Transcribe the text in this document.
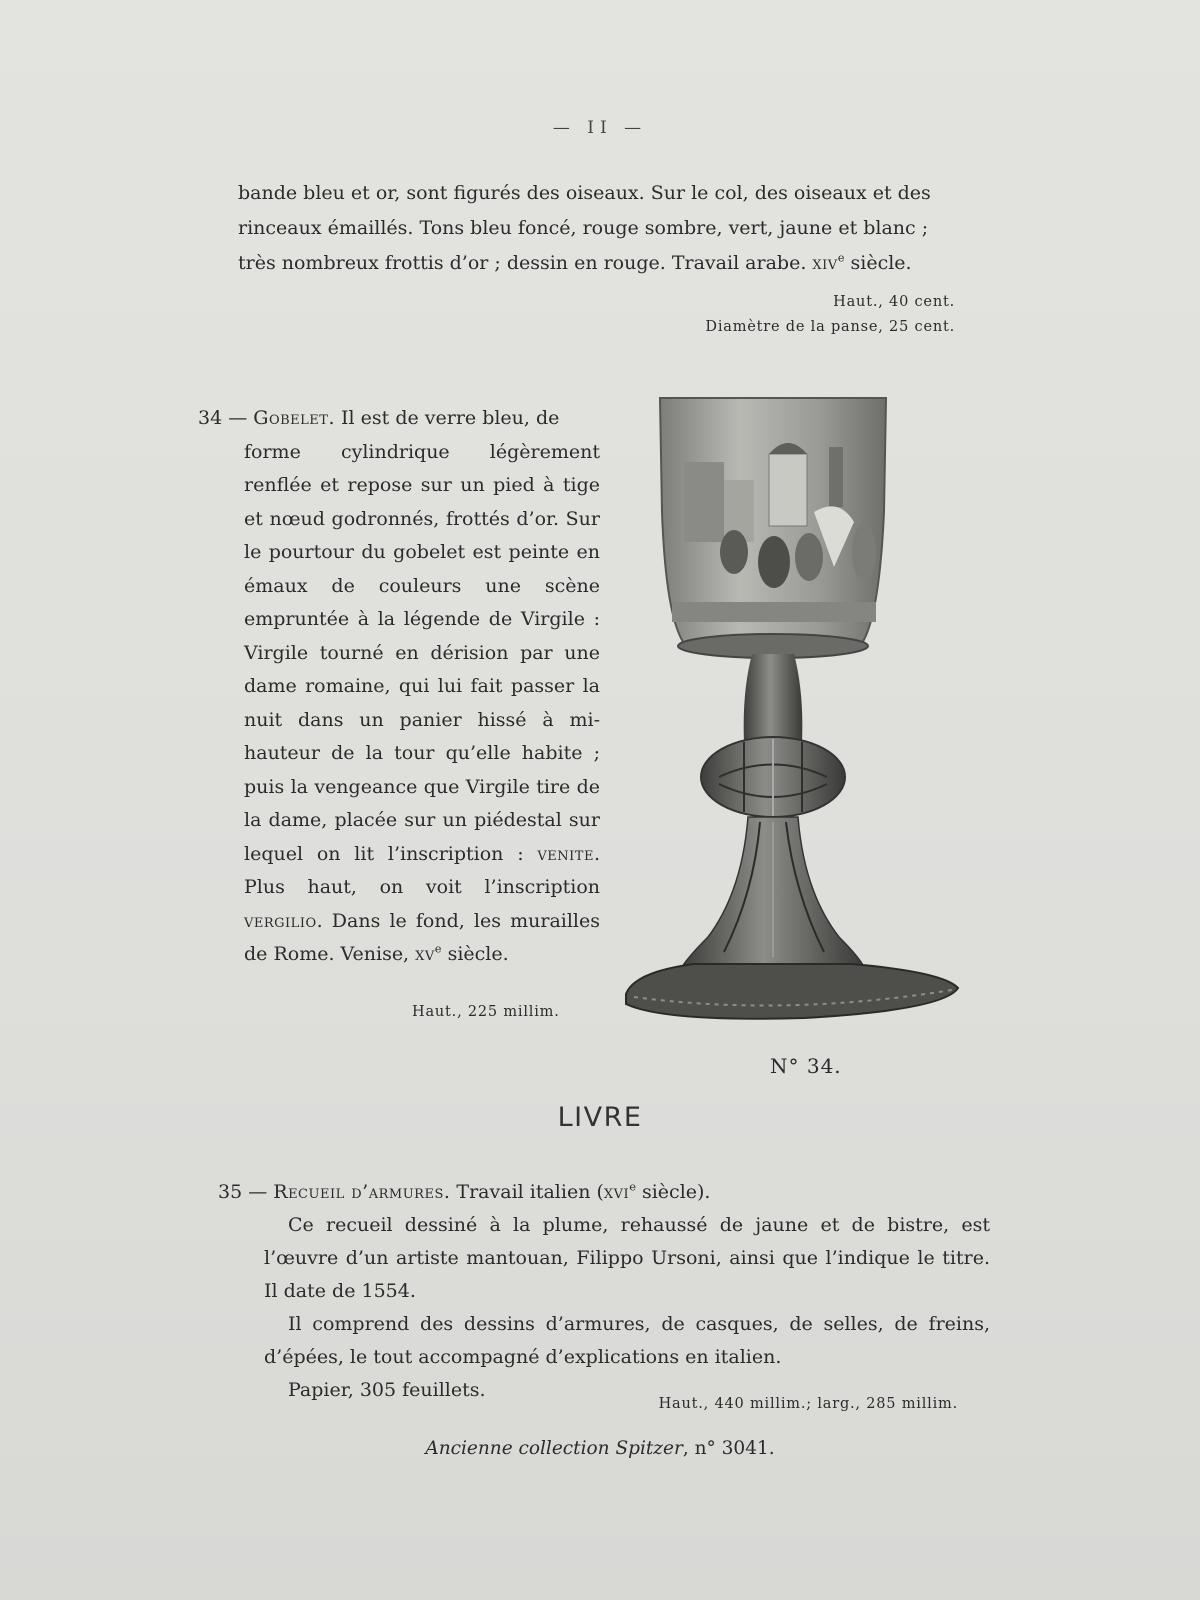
— II —

bande bleu et or, sont figurés des oiseaux. Sur le col, des oiseaux et des

rinceaux émaillés. Tons bleu foncé, rouge sombre, vert, jaune et blanc ;

très nombreux frottis d’or ; dessin en rouge. Travail arabe. xiv$^e$ siècle.

Haut., 40 cent.
Diamètre de la panse, 25 cent.

34 — Gobelet. Il est de verre bleu, de

forme cylindrique légèrement renflée et repose sur un pied à tige et nœud godronnés, frottés d’or. Sur le pourtour du gobelet est peinte en émaux de couleurs une scène empruntée à la légende de Virgile : Virgile tourné en dérision par une dame romaine, qui lui fait passer la nuit dans un panier hissé à mi-hauteur de la tour qu’elle habite ; puis la vengeance que Virgile tire de la dame, placée sur un piédestal sur lequel on lit l’inscription : venite. Plus haut, on voit l’inscription vergilio. Dans le fond, les murailles de Rome. Venise, $xv^e$ siècle.

Haut., 225 millim.
N° 34.
LIVRE

35 — Recueil d’armures. Travail italien (xvi$^e$ siècle).

Ce recueil dessiné à la plume, rehaussé de jaune et de bistre, est l’œuvre d’un artiste mantouan, Filippo Ursoni, ainsi que l’indique le titre. Il date de 1554.

Il comprend des dessins d’armures, de casques, de selles, de freins, d’épées, le tout accompagné d’explications en italien.

Papier, 305 feuillets.

Haut., 440 millim.; larg., 285 millim.
Ancienne collection Spitzer, n° 3041.
